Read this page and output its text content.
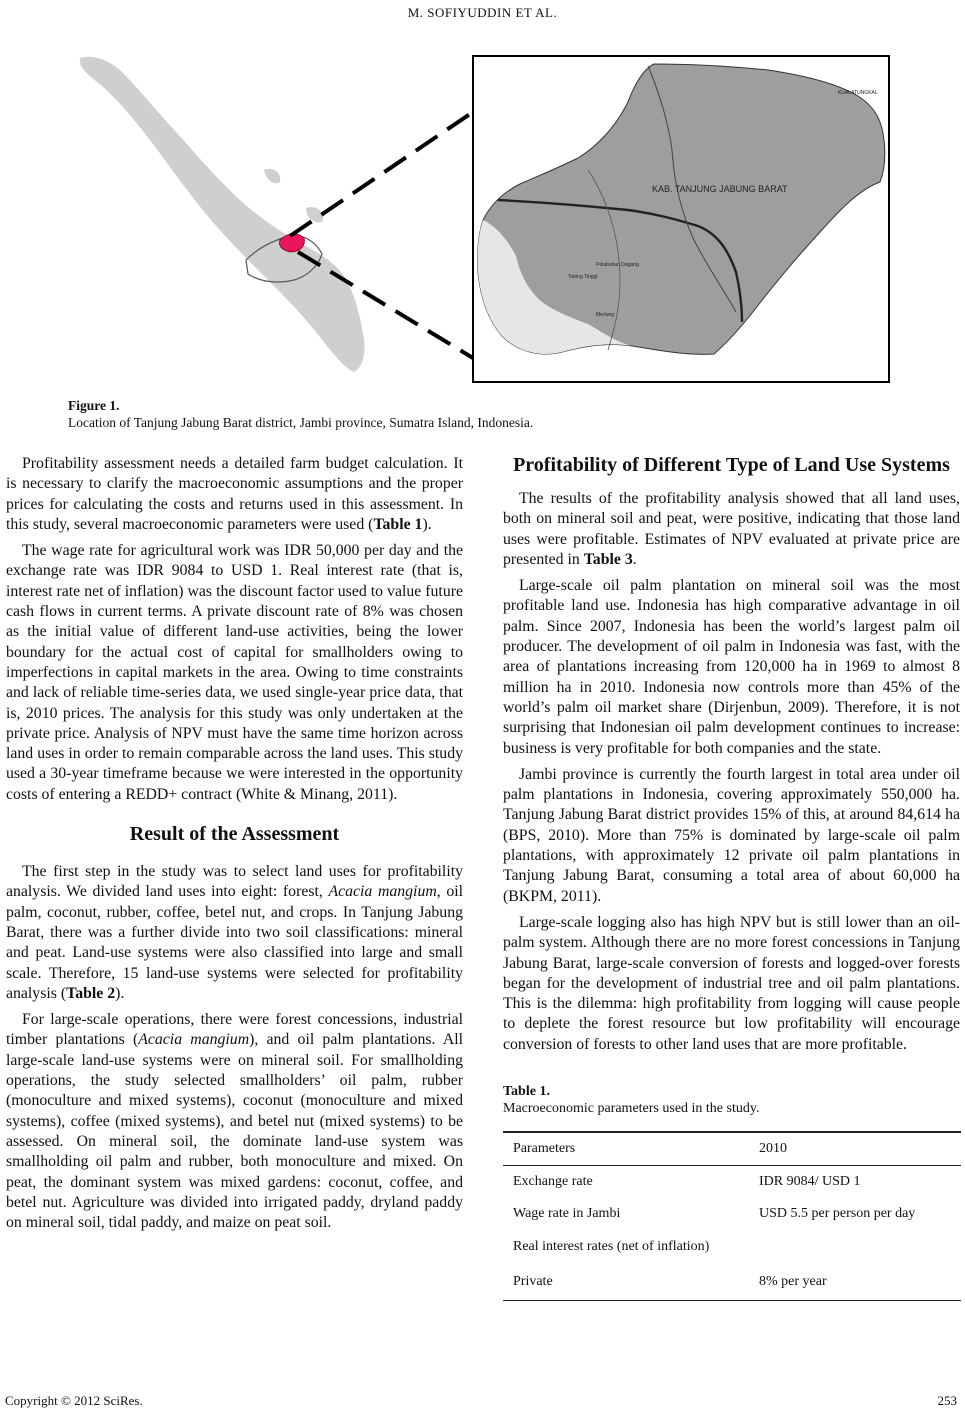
M. SOFIYUDDIN ET AL.
KAB. TANJUNG JABUNG BARAT
KUALATUNGKAL
Pelabuhan Dagang
Merlung
Tebing Tinggi
Figure 1.
Location of Tanjung Jabung Barat district, Jambi province, Sumatra Island, Indonesia.

Profitability assessment needs a detailed farm budget calculation. It is necessary to clarify the macroeconomic assumptions and the proper prices for calculating the costs and returns used in this assessment. In this study, several macroeconomic parameters were used (Table 1).

The wage rate for agricultural work was IDR 50,000 per day and the exchange rate was IDR 9084 to USD 1. Real interest rate (that is, interest rate net of inflation) was the discount factor used to value future cash flows in current terms. A private discount rate of 8% was chosen as the initial value of different land-use activities, being the lower boundary for the actual cost of capital for smallholders owing to imperfections in capital markets in the area. Owing to time constraints and lack of reliable time-series data, we used single-year price data, that is, 2010 prices. The analysis for this study was only undertaken at the private price. Analysis of NPV must have the same time horizon across land uses in order to remain comparable across the land uses. This study used a 30-year timeframe because we were interested in the opportunity costs of entering a REDD+ contract (White & Minang, 2011).

Result of the Assessment

The first step in the study was to select land uses for profitability analysis. We divided land uses into eight: forest, Acacia mangium, oil palm, coconut, rubber, coffee, betel nut, and crops. In Tanjung Jabung Barat, there was a further divide into two soil classifications: mineral and peat. Land-use systems were also classified into large and small scale. Therefore, 15 land-use systems were selected for profitability analysis (Table 2).

For large-scale operations, there were forest concessions, industrial timber plantations (Acacia mangium), and oil palm plantations. All large-scale land-use systems were on mineral soil. For smallholding operations, the study selected smallholders’ oil palm, rubber (monoculture and mixed systems), coconut (monoculture and mixed systems), coffee (mixed systems), and betel nut (mixed systems) to be assessed. On mineral soil, the dominate land-use system was smallholding oil palm and rubber, both monoculture and mixed. On peat, the dominant system was mixed gardens: coconut, coffee, and betel nut. Agriculture was divided into irrigated paddy, dryland paddy on mineral soil, tidal paddy, and maize on peat soil.

Profitability of Different Type of Land Use Systems

The results of the profitability analysis showed that all land uses, both on mineral soil and peat, were positive, indicating that those land uses were profitable. Estimates of NPV evaluated at private price are presented in Table 3.

Large-scale oil palm plantation on mineral soil was the most profitable land use. Indonesia has high comparative advantage in oil palm. Since 2007, Indonesia has been the world’s largest palm oil producer. The development of oil palm in Indonesia was fast, with the area of plantations increasing from 120,000 ha in 1969 to almost 8 million ha in 2010. Indonesia now controls more than 45% of the world’s palm oil market share (Dirjenbun, 2009). Therefore, it is not surprising that Indonesian oil palm development continues to increase: business is very profitable for both companies and the state.

Jambi province is currently the fourth largest in total area under oil palm plantations in Indonesia, covering approximately 550,000 ha. Tanjung Jabung Barat district provides 15% of this, at around 84,614 ha (BPS, 2010). More than 75% is dominated by large-scale oil palm plantations, with approximately 12 private oil palm plantations in Tanjung Jabung Barat, consuming a total area of about 60,000 ha (BKPM, 2011).

Large-scale logging also has high NPV but is still lower than an oil-palm system. Although there are no more forest concessions in Tanjung Jabung Barat, large-scale conversion of forests and logged-over forests began for the development of industrial tree and oil palm plantations. This is the dilemma: high profitability from logging will cause people to deplete the forest resource but low profitability will encourage conversion of forests to other land uses that are more profitable.

Table 1.
Macroeconomic parameters used in the study.
Parameters	2010
Exchange rate	IDR 9084/ USD 1
Wage rate in Jambi	USD 5.5 per person per day
Real interest rates (net of inflation)	
Private	8% per year
Copyright © 2012 SciRes.	253
